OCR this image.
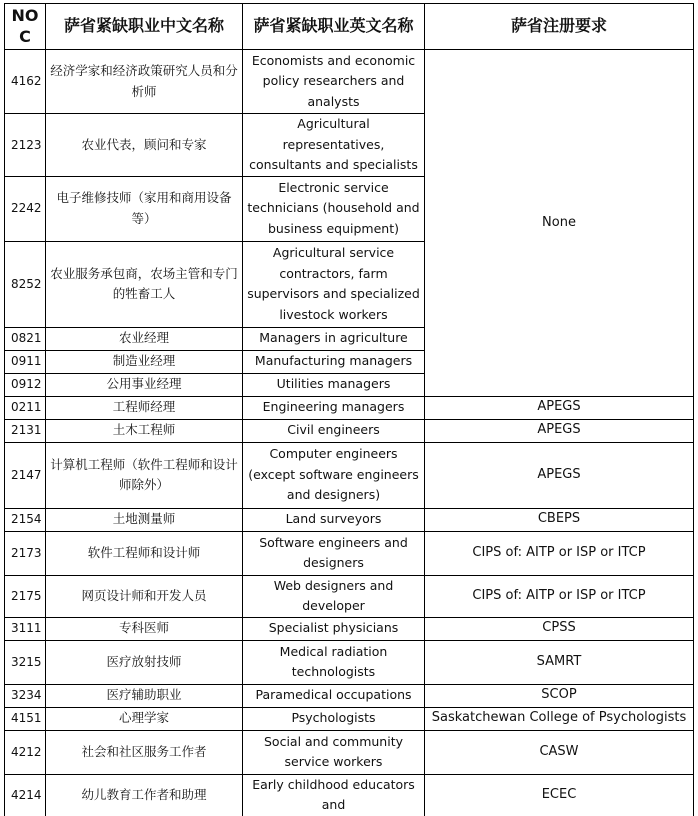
NOC	萨省紧缺职业中文名称	萨省紧缺职业英文名称	萨省注册要求
4162	经济学家和经济政策研究人员和分析师	Economists and economic policy researchers and analysts	None
2123	农业代表，顾问和专家	Agricultural representatives, consultants and specialists	
2242	电子维修技师（家用和商用设备等）	Electronic service technicians (household and business equipment)	
8252	农业服务承包商，农场主管和专门的牲畜工人	Agricultural service contractors, farm supervisors and specialized livestock workers	
0821	农业经理	Managers in agriculture	
0911	制造业经理	Manufacturing managers	
0912	公用事业经理	Utilities managers	
0211	工程师经理	Engineering managers	APEGS
2131	土木工程师	Civil engineers	APEGS
2147	计算机工程师（软件工程师和设计师除外）	Computer engineers (except software engineers and designers)	APEGS
2154	土地测量师	Land surveyors	CBEPS
2173	软件工程师和设计师	Software engineers and designers	CIPS of: AITP or ISP or ITCP
2175	网页设计师和开发人员	Web designers and developer	CIPS of: AITP or ISP or ITCP
3111	专科医师	Specialist physicians	CPSS
3215	医疗放射技师	Medical radiation technologists	SAMRT
3234	医疗辅助职业	Paramedical occupations	SCOP
4151	心理学家	Psychologists	Saskatchewan College of Psychologists
4212	社会和社区服务工作者	Social and community service workers	CASW
4214	幼儿教育工作者和助理	Early childhood educators and	ECEC
